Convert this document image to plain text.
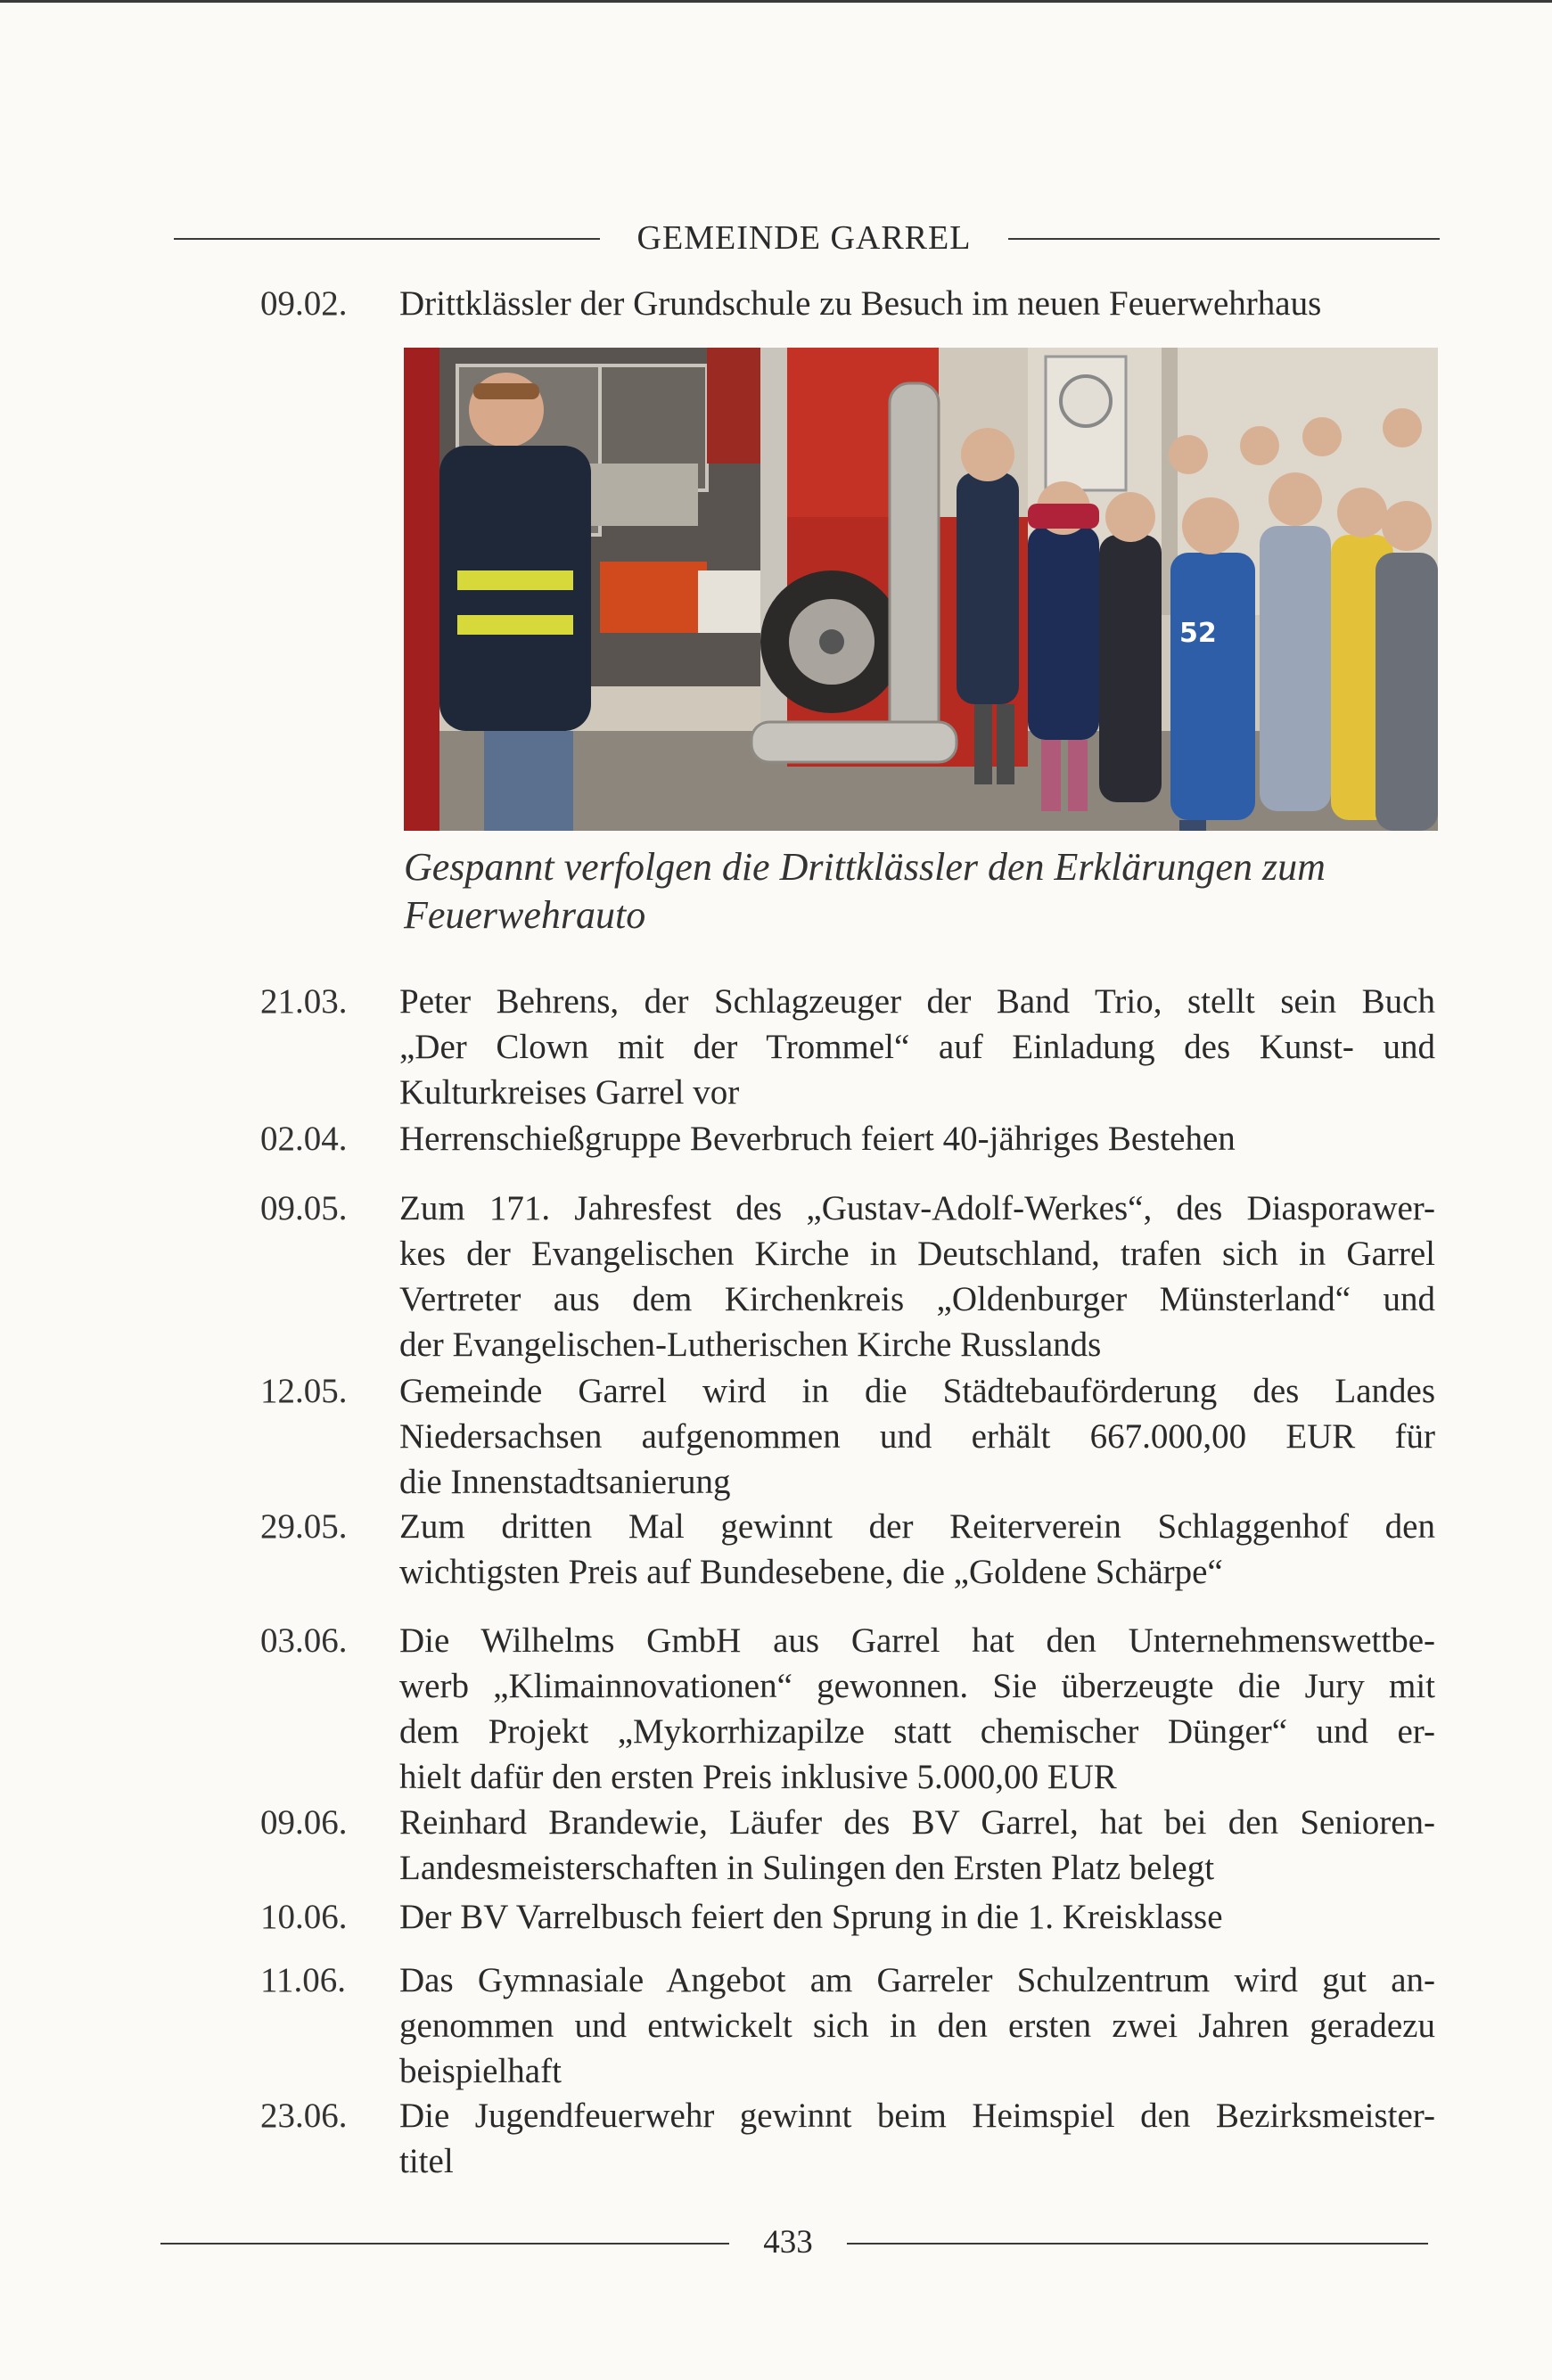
GEMEINDE GARREL
09.02.	Drittklässler der Grundschule zu Besuch im neuen Feuerwehrhaus
21.03.	Peter Behrens, der Schlagzeuger der Band Trio, stellt sein Buch
„Der Clown mit der Trommel“ auf Einladung des Kunst- und
Kulturkreises Garrel vor
02.04.	Herrenschießgruppe Beverbruch feiert 40-jähriges Bestehen
09.05.	Zum 171. Jahresfest des „Gustav-Adolf-Werkes“, des Diasporawer-
kes der Evangelischen Kirche in Deutschland, trafen sich in Garrel
Vertreter aus dem Kirchenkreis „Oldenburger Münsterland“ und
der Evangelischen-Lutherischen Kirche Russlands
12.05.	Gemeinde Garrel wird in die Städtebauförderung des Landes
Niedersachsen aufgenommen und erhält 667.000,00 EUR für
die Innenstadtsanierung
29.05.	Zum dritten Mal gewinnt der Reiterverein Schlaggenhof den
wichtigsten Preis auf Bundesebene, die „Goldene Schärpe“
03.06.	Die Wilhelms GmbH aus Garrel hat den Unternehmenswettbe-
werb „Klimainnovationen“ gewonnen. Sie überzeugte die Jury mit
dem Projekt „Mykorrhizapilze statt chemischer Dünger“ und er-
hielt dafür den ersten Preis inklusive 5.000,00 EUR
09.06.	Reinhard Brandewie, Läufer des BV Garrel, hat bei den Senioren-
Landesmeisterschaften in Sulingen den Ersten Platz belegt
10.06.	Der BV Varrelbusch feiert den Sprung in die 1. Kreisklasse
11.06.	Das Gymnasiale Angebot am Garreler Schulzentrum wird gut an-
genommen und entwickelt sich in den ersten zwei Jahren geradezu
beispielhaft
23.06.	Die Jugendfeuerwehr gewinnt beim Heimspiel den Bezirksmeister-
titel
52
Gespannt verfolgen die Drittklässler den Erklärungen zum
Feuerwehrauto
433
